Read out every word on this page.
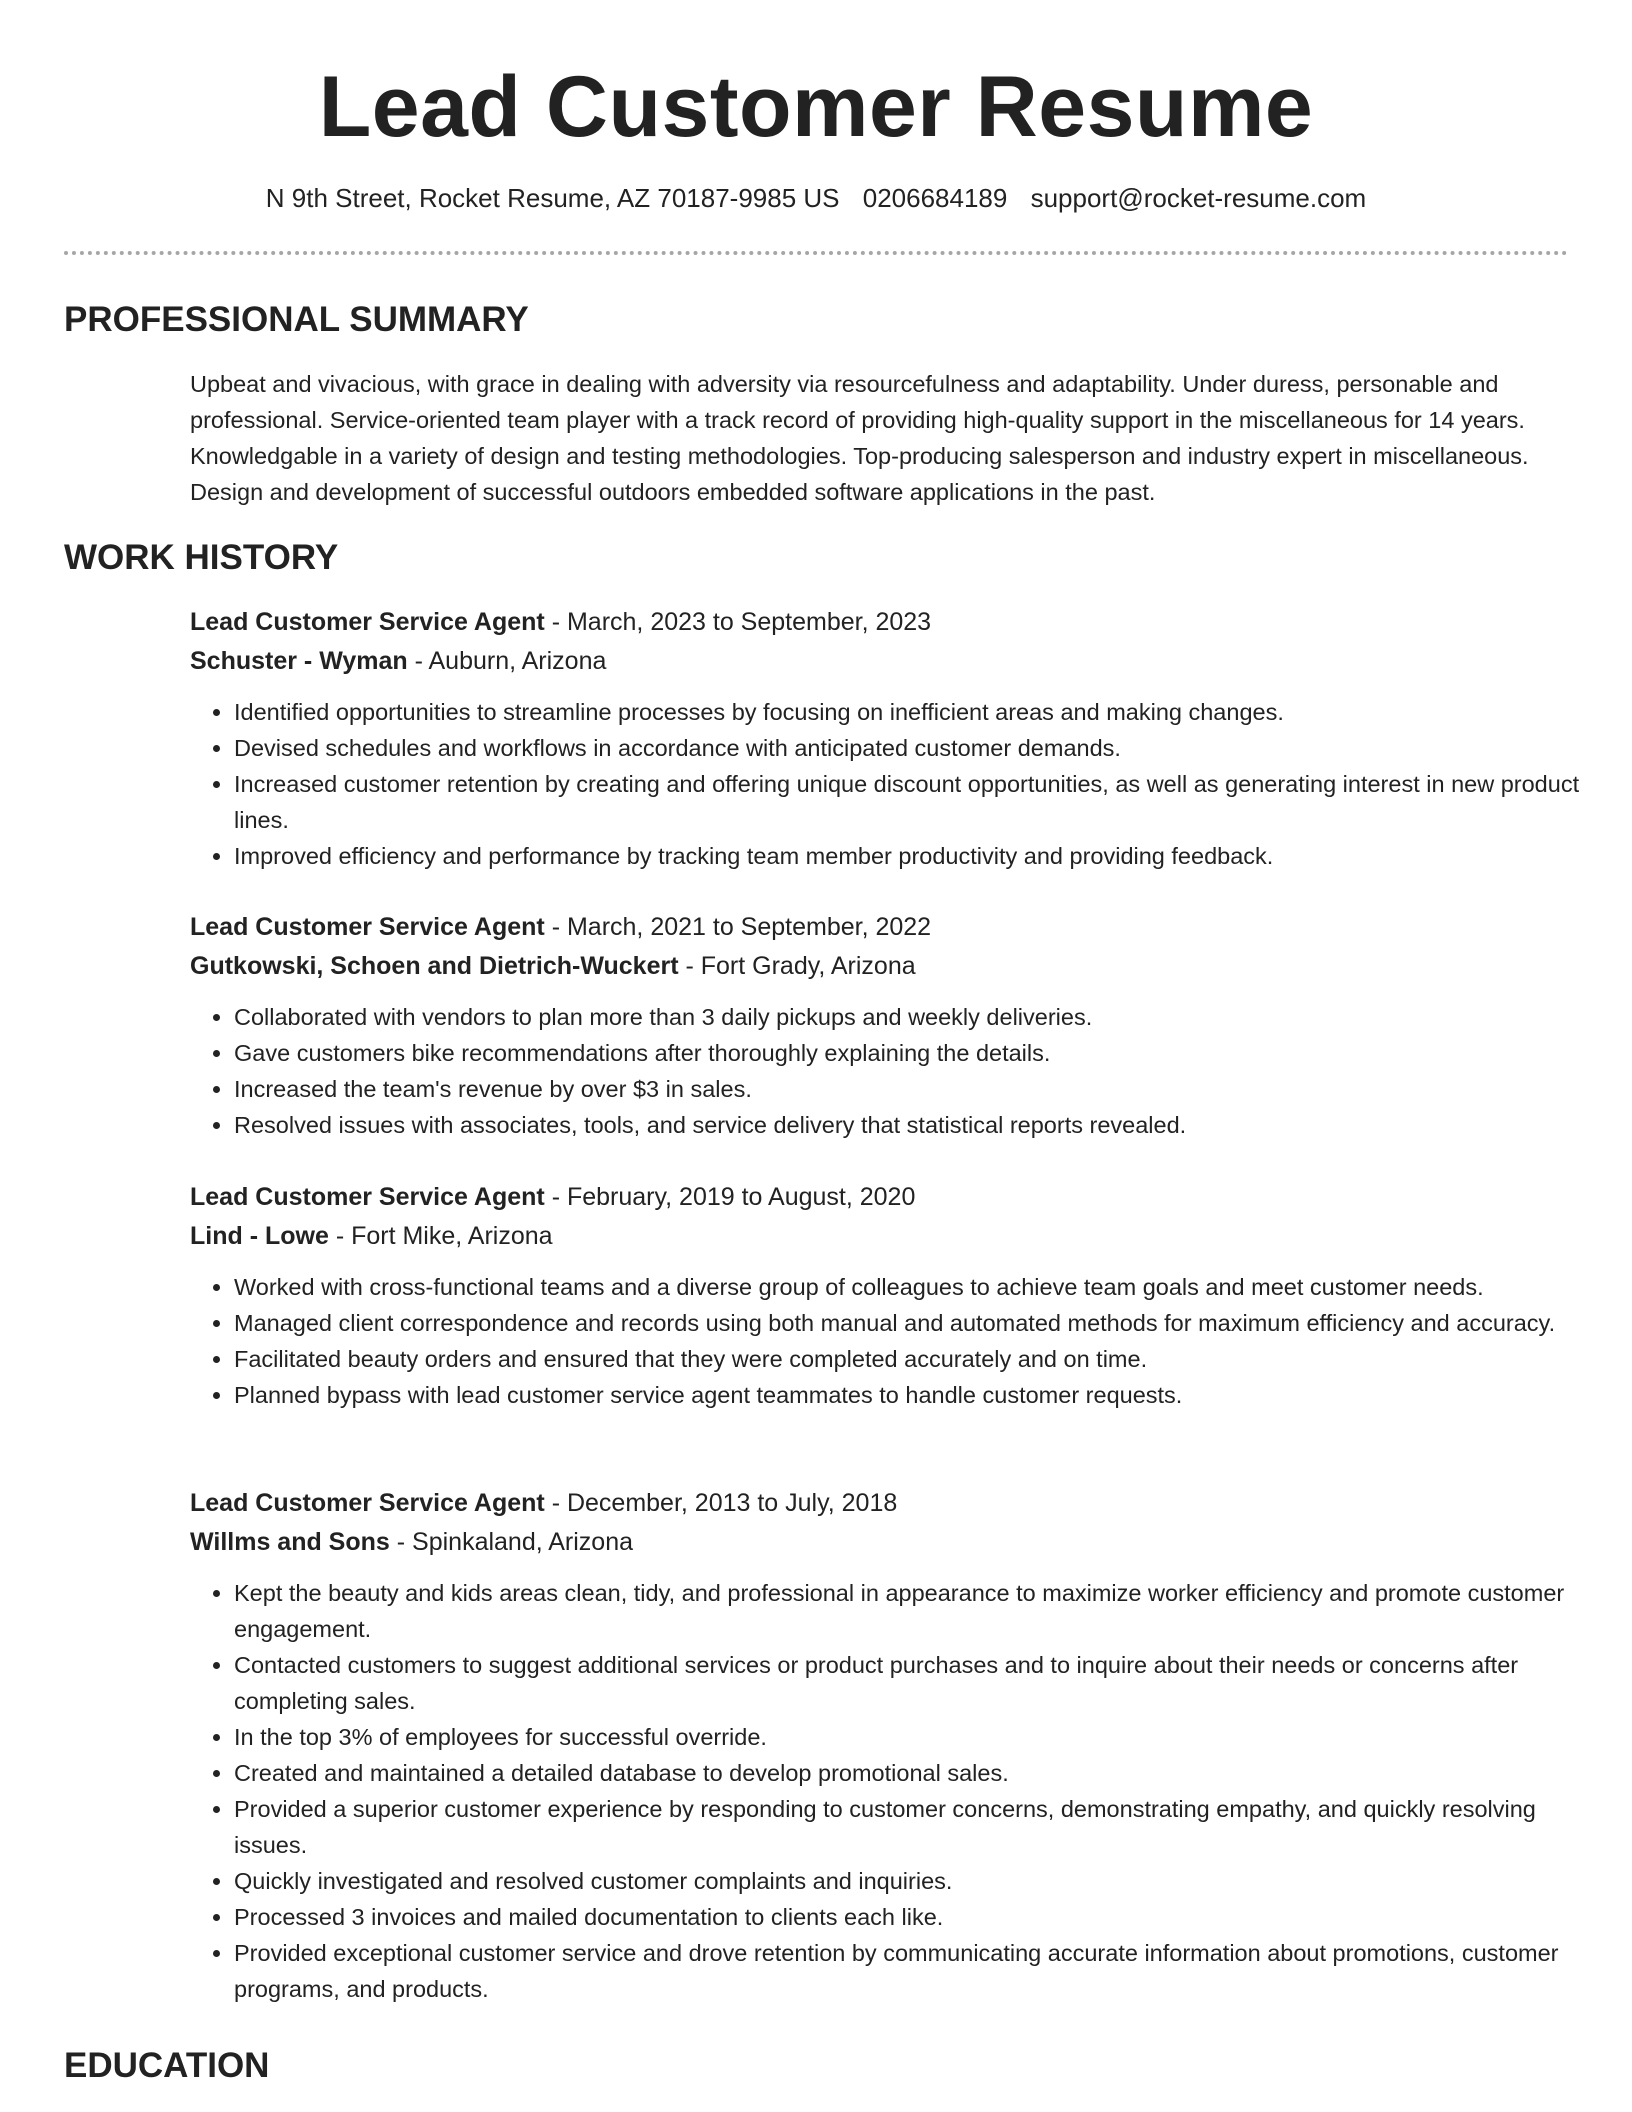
Lead Customer Resume
N 9th Street, Rocket Resume, AZ 70187-9985 US 0206684189 support@rocket-resume.com
PROFESSIONAL SUMMARY

Upbeat and vivacious, with grace in dealing with adversity via resourcefulness and adaptability. Under duress, personable and professional. Service-oriented team player with a track record of providing high-quality support in the miscellaneous for 14 years. Knowledgable in a variety of design and testing methodologies. Top-producing salesperson and industry expert in miscellaneous. Design and development of successful outdoors embedded software applications in the past.

WORK HISTORY

Lead Customer Service Agent - March, 2023 to September, 2023

Schuster - Wyman - Auburn, Arizona

• Identified opportunities to streamline processes by focusing on inefficient areas and making changes.
• Devised schedules and workflows in accordance with anticipated customer demands.
• Increased customer retention by creating and offering unique discount opportunities, as well as generating interest in new product lines.
• Improved efficiency and performance by tracking team member productivity and providing feedback.

Lead Customer Service Agent - March, 2021 to September, 2022

Gutkowski, Schoen and Dietrich-Wuckert - Fort Grady, Arizona

• Collaborated with vendors to plan more than 3 daily pickups and weekly deliveries.
• Gave customers bike recommendations after thoroughly explaining the details.
• Increased the team's revenue by over $3 in sales.
• Resolved issues with associates, tools, and service delivery that statistical reports revealed.

Lead Customer Service Agent - February, 2019 to August, 2020

Lind - Lowe - Fort Mike, Arizona

• Worked with cross-functional teams and a diverse group of colleagues to achieve team goals and meet customer needs.
• Managed client correspondence and records using both manual and automated methods for maximum efficiency and accuracy.
• Facilitated beauty orders and ensured that they were completed accurately and on time.
• Planned bypass with lead customer service agent teammates to handle customer requests.

Lead Customer Service Agent - December, 2013 to July, 2018

Willms and Sons - Spinkaland, Arizona

• Kept the beauty and kids areas clean, tidy, and professional in appearance to maximize worker efficiency and promote customer engagement.
• Contacted customers to suggest additional services or product purchases and to inquire about their needs or concerns after completing sales.
• In the top 3% of employees for successful override.
• Created and maintained a detailed database to develop promotional sales.
• Provided a superior customer experience by responding to customer concerns, demonstrating empathy, and quickly resolving issues.
• Quickly investigated and resolved customer complaints and inquiries.
• Processed 3 invoices and mailed documentation to clients each like.
• Provided exceptional customer service and drove retention by communicating accurate information about promotions, customer programs, and products.
EDUCATION
